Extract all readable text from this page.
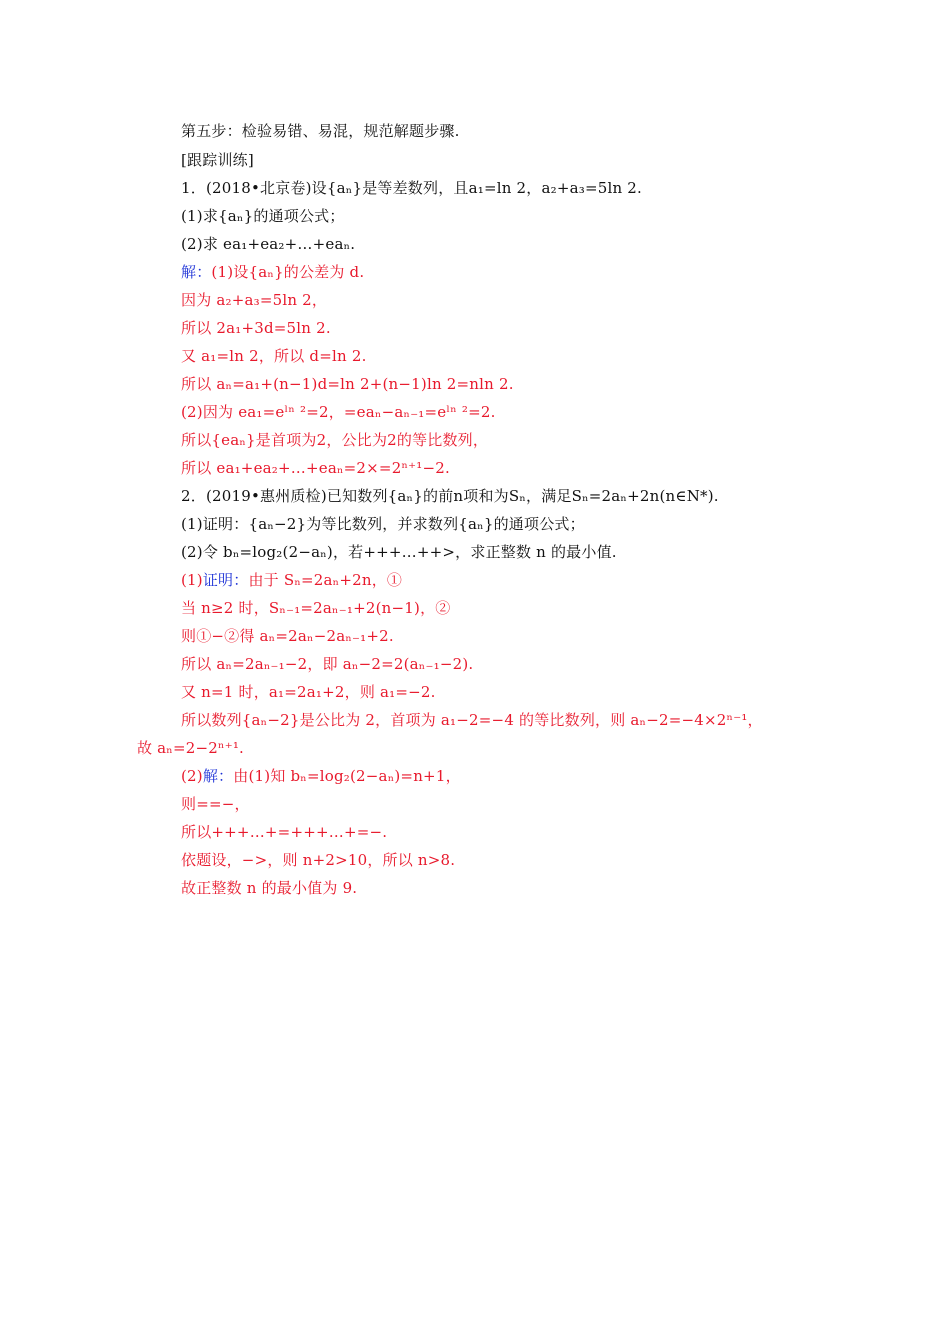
第五步：检验易错、易混，规范解题步骤.
[跟踪训练]
1．(2018•北京卷)设{aₙ}是等差数列，且a₁=ln 2，a₂+a₃=5ln 2.
(1)求{aₙ}的通项公式；
(2)求 ea₁+ea₂+…+eaₙ.
解：(1)设{aₙ}的公差为 d.
因为 a₂+a₃=5ln 2，
所以 2a₁+3d=5ln 2.
又 a₁=ln 2，所以 d=ln 2.
所以 aₙ=a₁+(n−1)d=ln 2+(n−1)ln 2=nln 2.
(2)因为 ea₁=eˡⁿ ²=2，=eaₙ−aₙ₋₁=eˡⁿ ²=2.
所以{eaₙ}是首项为2，公比为2的等比数列，
所以 ea₁+ea₂+…+eaₙ=2×=2ⁿ⁺¹−2.
2．(2019•惠州质检)已知数列{aₙ}的前n项和为Sₙ，满足Sₙ=2aₙ+2n(n∈N*).
(1)证明：{aₙ−2}为等比数列，并求数列{aₙ}的通项公式；
(2)令 bₙ=log₂(2−aₙ)，若+++…++>，求正整数 n 的最小值.
(1)证明：由于 Sₙ=2aₙ+2n，①
当 n≥2 时，Sₙ₋₁=2aₙ₋₁+2(n−1)，②
则①−②得 aₙ=2aₙ−2aₙ₋₁+2.
所以 aₙ=2aₙ₋₁−2，即 aₙ−2=2(aₙ₋₁−2).
又 n=1 时，a₁=2a₁+2，则 a₁=−2.
所以数列{aₙ−2}是公比为 2，首项为 a₁−2=−4 的等比数列，则 aₙ−2=−4×2ⁿ⁻¹，
故 aₙ=2−2ⁿ⁺¹.
(2)解：由(1)知 bₙ=log₂(2−aₙ)=n+1，
则==−，
所以+++…+=+++…+=−.
依题设，−>，则 n+2>10，所以 n>8.
故正整数 n 的最小值为 9.
